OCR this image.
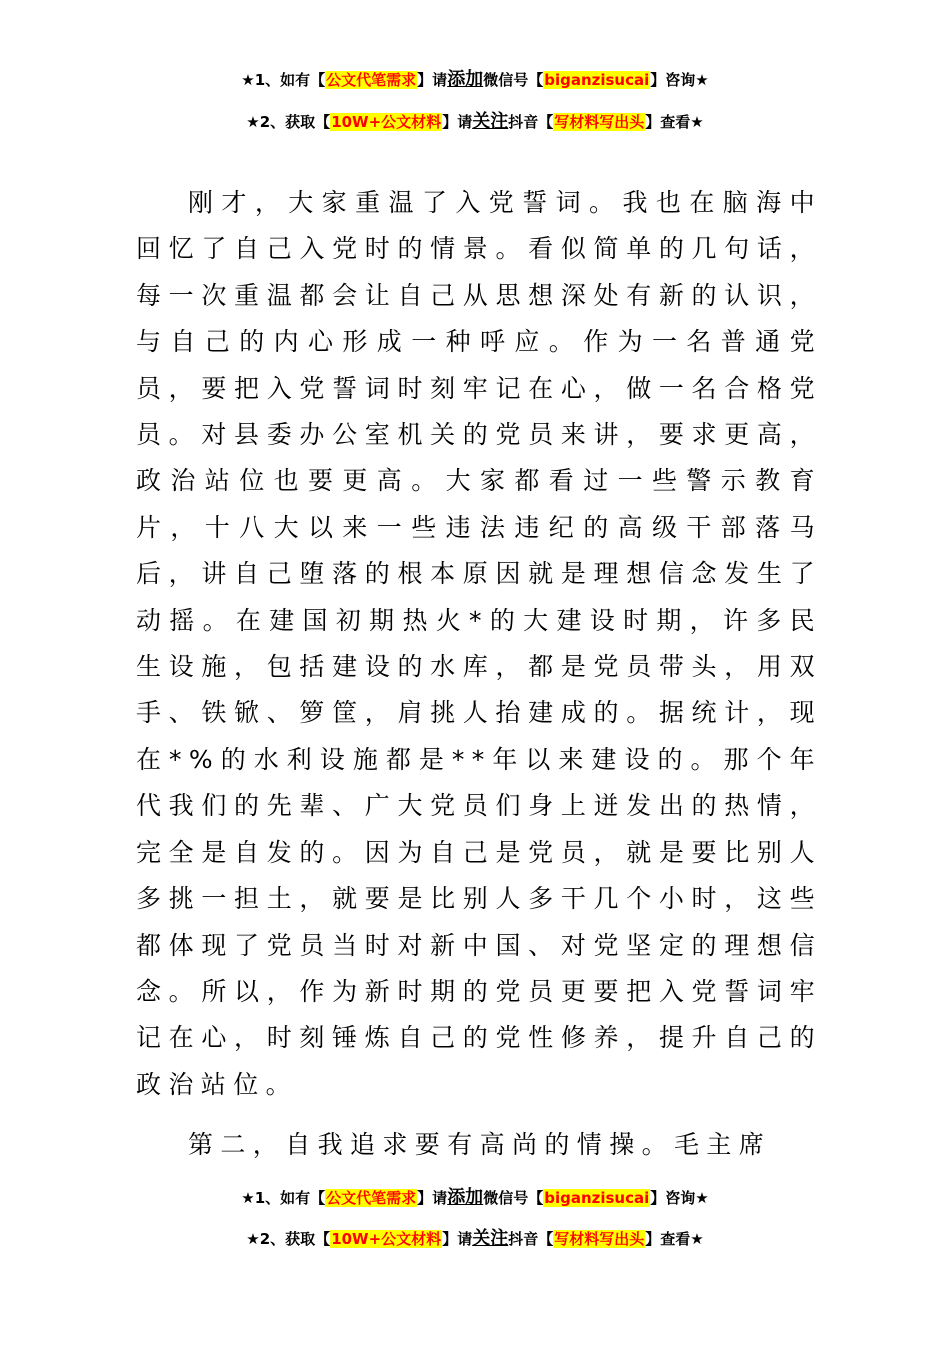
★1、如有【公文代笔需求】请添加微信号【biganzisucai】咨询★
★2、获取【10W+公文材料】请关注抖音【写材料写出头】查看★

刚才，大家重温了入党誓词。我也在脑海中回忆了自己入党时的情景。看似简单的几句话，每一次重温都会让自己从思想深处有新的认识，与自己的内心形成一种呼应。作为一名普通党员，要把入党誓词时刻牢记在心，做一名合格党员。对县委办公室机关的党员来讲，要求更高，政治站位也要更高。大家都看过一些警示教育片，十八大以来一些违法违纪的高级干部落马后，讲自己堕落的根本原因就是理想信念发生了动摇。在建国初期热火*的大建设时期，许多民生设施，包括建设的水库，都是党员带头，用双手、铁锨、箩筐，肩挑人抬建成的。据统计，现在*%的水利设施都是**年以来建设的。那个年代我们的先辈、广大党员们身上迸发出的热情，完全是自发的。因为自己是党员，就是要比别人多挑一担土，就要是比别人多干几个小时，这些都体现了党员当时对新中国、对党坚定的理想信念。所以，作为新时期的党员更要把入党誓词牢记在心，时刻锤炼自己的党性修养，提升自己的政治站位。

第二，自我追求要有高尚的情操。毛主席

★1、如有【公文代笔需求】请添加微信号【biganzisucai】咨询★
★2、获取【10W+公文材料】请关注抖音【写材料写出头】查看★
